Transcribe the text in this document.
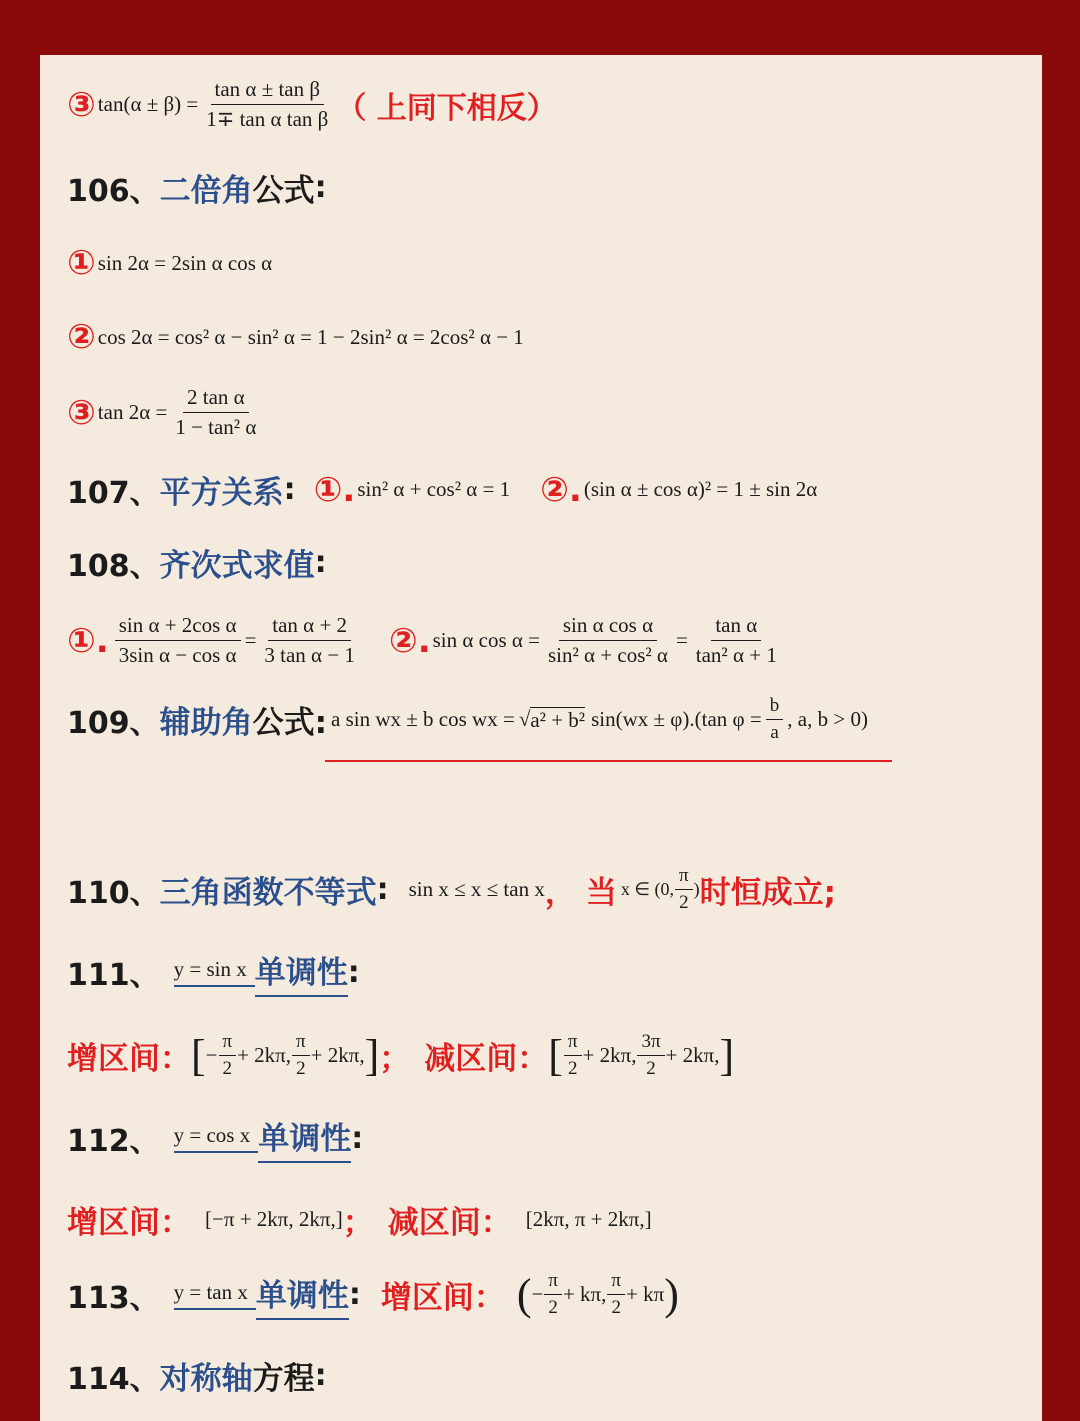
③ $\tan(\alpha \pm \beta) = \frac{\text{tan α ± tan β}}{\text{1∓ tan α tan β}}$ （ 上同下相反）
106、 二倍角 公式 :
① sin 2α = 2sin α cos α
② cos 2α = cos² α − sin² α = 1 − 2sin² α = 2cos² α − 1
③ $\tan 2\alpha = \frac{\text{2 tan α}}{\text{1 − tan² α}}$
107、 平方关系 : ①. sin² α + cos² α = 1 ②. (sin α ± cos α)² = 1 ± sin 2α
108、 齐次式求值 :
①. $\frac{\text{sin α + 2cos α}}{\text{3sin α − cos α}} = \frac{\text{tan α + 2}}{\text{3 tan α − 1}}$ ②. sin α $\cos \alpha = \frac{\text{sin α cos α}}{\text{sin² α + cos² α}} = \frac{\text{tan α}}{\text{tan² α + 1}}$
109、 辅助角 公式: a sin wx ± b cos wx = √ a² + b² sin(wx ± φ).(tan $\varphi = \frac{b}{a}$ , a, b > 0)
110、 三角函数不等式 : sin x ≤ x ≤ tan x ， 当 x ∈ (0, $\frac{\pi}{2}$ ) 时恒成立;
111、 y = sin x 单调性 :
增区间： [ − $\frac{\pi}{2} + 2k\pi$, $\frac{\pi}{2} + 2k\pi$, ] ； 减区间： [ $\frac{\pi}{2} + 2k\pi$, $\frac{3\pi}{2} + 2k\pi$, ]
112、 y = cos x 单调性 :
增区间： [−π + 2kπ, 2kπ,] ； 减区间： [2kπ, π + 2kπ,]
113、 y = tan x 单调性 : 增区间： ( − $\frac{\pi}{2} + k\pi$, $\frac{\pi}{2} + k\pi$ )
114、 对称轴 方程 :
